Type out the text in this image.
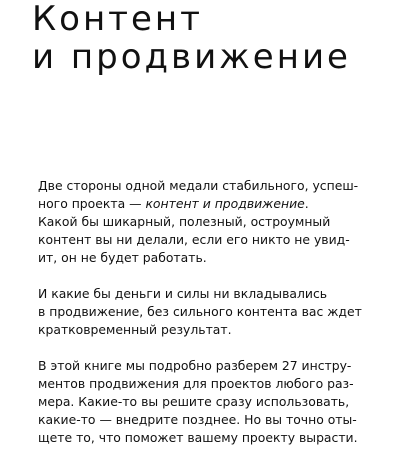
Контент
и продвижение

Две стороны одной медали стабильного, успеш-
ного проекта — контент и продвижение.
Какой бы шикарный, полезный, остроумный
контент вы ни делали, если его никто не увид-
ит, он не будет работать.

И какие бы деньги и силы ни вкладывались
в продвижение, без сильного контента вас ждет
кратковременный результат.

В этой книге мы подробно разберем 27 инстру-
ментов продвижения для проектов любого раз-
мера. Какие-то вы решите сразу использовать,
какие-то — внедрите позднее. Но вы точно оты-
щете то, что поможет вашему проекту вырасти.
